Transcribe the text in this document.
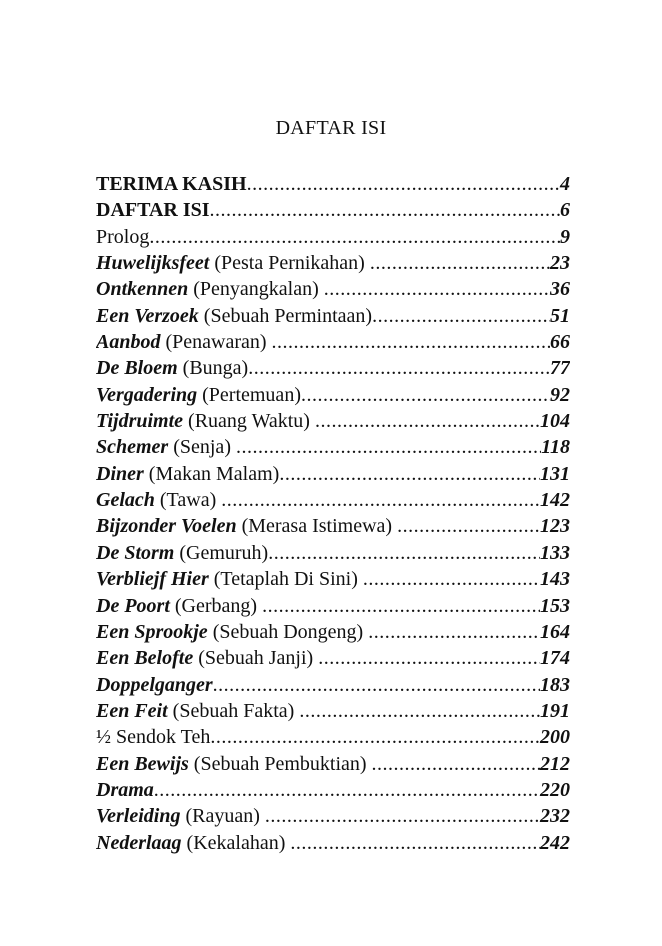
DAFTAR ISI
TERIMA KASIH .....	4
DAFTAR ISI .....	6
Prolog .....	9
Huwelijksfeet (Pesta Pernikahan) .....	23
Ontkennen (Penyangkalan) .....	36
Een Verzoek (Sebuah Permintaan) .....	51
Aanbod (Penawaran) .....	66
De Bloem (Bunga) .....	77
Vergadering (Pertemuan) .....	92
Tijdruimte (Ruang Waktu) .....	104
Schemer (Senja) .....	118
Diner (Makan Malam) .....	131
Gelach (Tawa) .....	142
Bijzonder Voelen (Merasa Istimewa) .....	123
De Storm (Gemuruh) .....	133
Verbliejf Hier (Tetaplah Di Sini) .....	143
De Poort (Gerbang) .....	153
Een Sprookje (Sebuah Dongeng) .....	164
Een Belofte (Sebuah Janji) .....	174
Doppelganger .....	183
Een Feit (Sebuah Fakta) .....	191
½ Sendok Teh .....	200
Een Bewijs (Sebuah Pembuktian) .....	212
Drama .....	220
Verleiding (Rayuan) .....	232
Nederlaag (Kekalahan) .....	242
